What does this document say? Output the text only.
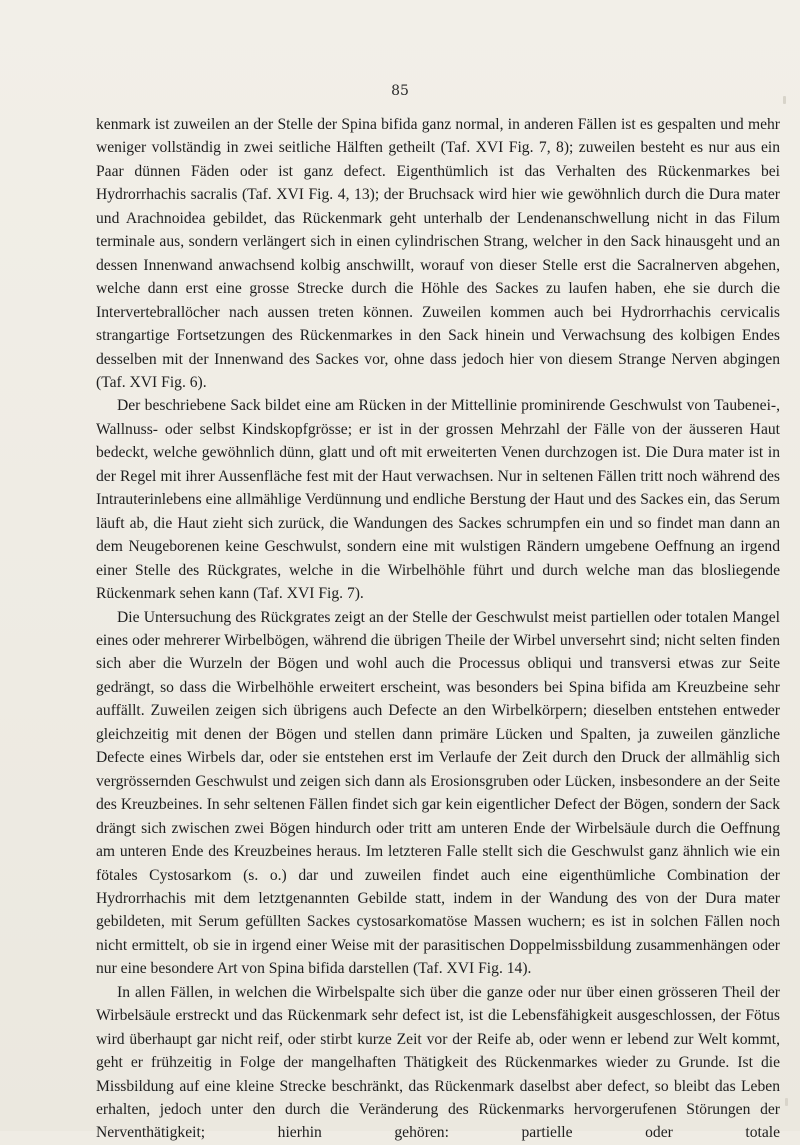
85

kenmark ist zuweilen an der Stelle der Spina bifida ganz normal, in anderen Fällen ist es gespalten und mehr weniger vollständig in zwei seitliche Hälften getheilt (Taf. XVI Fig. 7, 8); zuweilen besteht es nur aus ein Paar dünnen Fäden oder ist ganz defect. Eigenthümlich ist das Verhalten des Rückenmarkes bei Hydrorrhachis sacralis (Taf. XVI Fig. 4, 13); der Bruchsack wird hier wie gewöhnlich durch die Dura mater und Arachnoidea gebildet, das Rückenmark geht unterhalb der Lendenanschwellung nicht in das Filum terminale aus, sondern verlängert sich in einen cylindrischen Strang, welcher in den Sack hinausgeht und an dessen Innenwand anwachsend kolbig anschwillt, worauf von dieser Stelle erst die Sacralnerven abgehen, welche dann erst eine grosse Strecke durch die Höhle des Sackes zu laufen haben, ehe sie durch die Intervertebrallöcher nach aussen treten können. Zuweilen kommen auch bei Hydrorrhachis cervicalis strangartige Fortsetzungen des Rückenmarkes in den Sack hinein und Verwachsung des kolbigen Endes desselben mit der Innenwand des Sackes vor, ohne dass jedoch hier von diesem Strange Nerven abgingen (Taf. XVI Fig. 6).

Der beschriebene Sack bildet eine am Rücken in der Mittellinie prominirende Geschwulst von Taubenei-, Wallnuss- oder selbst Kindskopfgrösse; er ist in der grossen Mehrzahl der Fälle von der äusseren Haut bedeckt, welche gewöhnlich dünn, glatt und oft mit erweiterten Venen durchzogen ist. Die Dura mater ist in der Regel mit ihrer Aussenfläche fest mit der Haut verwachsen. Nur in seltenen Fällen tritt noch während des Intrauterinlebens eine allmählige Verdünnung und endliche Berstung der Haut und des Sackes ein, das Serum läuft ab, die Haut zieht sich zurück, die Wandungen des Sackes schrumpfen ein und so findet man dann an dem Neugeborenen keine Geschwulst, sondern eine mit wulstigen Rändern umgebene Oeffnung an irgend einer Stelle des Rückgrates, welche in die Wirbelhöhle führt und durch welche man das blosliegende Rückenmark sehen kann (Taf. XVI Fig. 7).

Die Untersuchung des Rückgrates zeigt an der Stelle der Geschwulst meist partiellen oder totalen Mangel eines oder mehrerer Wirbelbögen, während die übrigen Theile der Wirbel unversehrt sind; nicht selten finden sich aber die Wurzeln der Bögen und wohl auch die Processus obliqui und transversi etwas zur Seite gedrängt, so dass die Wirbelhöhle erweitert erscheint, was besonders bei Spina bifida am Kreuzbeine sehr auffällt. Zuweilen zeigen sich übrigens auch Defecte an den Wirbelkörpern; dieselben entstehen entweder gleichzeitig mit denen der Bögen und stellen dann primäre Lücken und Spalten, ja zuweilen gänzliche Defecte eines Wirbels dar, oder sie entstehen erst im Verlaufe der Zeit durch den Druck der allmählig sich vergrössernden Geschwulst und zeigen sich dann als Erosionsgruben oder Lücken, insbesondere an der Seite des Kreuzbeines. In sehr seltenen Fällen findet sich gar kein eigentlicher Defect der Bögen, sondern der Sack drängt sich zwischen zwei Bögen hindurch oder tritt am unteren Ende der Wirbelsäule durch die Oeffnung am unteren Ende des Kreuzbeines heraus. Im letzteren Falle stellt sich die Geschwulst ganz ähnlich wie ein fötales Cystosarkom (s. o.) dar und zuweilen findet auch eine eigenthümliche Combination der Hydrorrhachis mit dem letztgenannten Gebilde statt, indem in der Wandung des von der Dura mater gebildeten, mit Serum gefüllten Sackes cystosarkomatöse Massen wuchern; es ist in solchen Fällen noch nicht ermittelt, ob sie in irgend einer Weise mit der parasitischen Doppelmissbildung zusammenhängen oder nur eine besondere Art von Spina bifida darstellen (Taf. XVI Fig. 14).

In allen Fällen, in welchen die Wirbelspalte sich über die ganze oder nur über einen grösseren Theil der Wirbelsäule erstreckt und das Rückenmark sehr defect ist, ist die Lebensfähigkeit ausgeschlossen, der Fötus wird überhaupt gar nicht reif, oder stirbt kurze Zeit vor der Reife ab, oder wenn er lebend zur Welt kommt, geht er frühzeitig in Folge der mangelhaften Thätigkeit des Rückenmarkes wieder zu Grunde. Ist die Missbildung auf eine kleine Strecke beschränkt, das Rückenmark daselbst aber defect, so bleibt das Leben erhalten, jedoch unter den durch die Veränderung des Rückenmarks hervorgerufenen Störungen der Nerventhätigkeit; hierhin gehören: partielle oder totale
